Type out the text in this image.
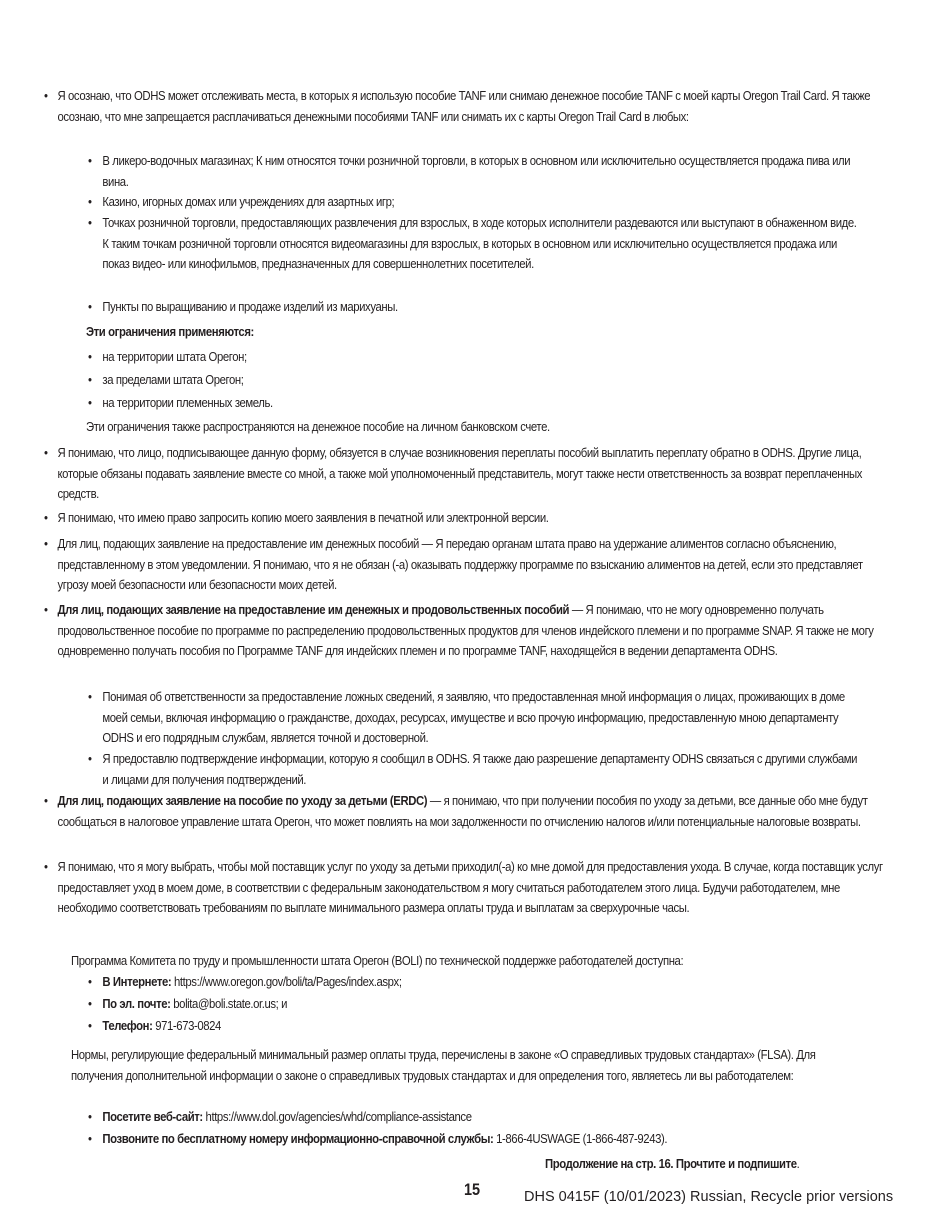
• Я осознаю, что ODHS может отслеживать места, в которых я использую пособие TANF или снимаю денежное пособие TANF с моей карты Oregon Trail Card. Я также осознаю, что мне запрещается расплачиваться денежными пособиями TANF или снимать их с карты Oregon Trail Card в любых:

• В ликеро-водочных магазинах; К ним относятся точки розничной торговли, в которых в основном или исключительно осуществляется продажа пива или вина.

• Казино, игорных домах или учреждениях для азартных игр;

• Точках розничной торговли, предоставляющих развлечения для взрослых, в ходе которых исполнители раздеваются или выступают в обнаженном виде. К таким точкам розничной торговли относятся видеомагазины для взрослых, в которых в основном или исключительно осуществляется продажа или показ видео- или кинофильмов, предназначенных для совершеннолетних посетителей.

• Пункты по выращиванию и продаже изделий из марихуаны.

Эти ограничения применяются:
• на территории штата Орегон;

• за пределами штата Орегон;

• на территории племенных земель.

Эти ограничения также распространяются на денежное пособие на личном банковском счете.
• Я понимаю, что лицо, подписывающее данную форму, обязуется в случае возникновения переплаты пособий выплатить переплату обратно в ODHS. Другие лица, которые обязаны подавать заявление вместе со мной, а также мой уполномоченный представитель, могут также нести ответственность за возврат переплаченных средств.

• Я понимаю, что имею право запросить копию моего заявления в печатной или электронной версии.

• Для лиц, подающих заявление на предоставление им денежных пособий — Я передаю органам штата право на удержание алиментов согласно объяснению, представленному в этом уведомлении. Я понимаю, что я не обязан (-а) оказывать поддержку программе по взысканию алиментов на детей, если это представляет угрозу моей безопасности или безопасности моих детей.

• Для лиц, подающих заявление на предоставление им денежных и продовольственных пособий — Я понимаю, что не могу одновременно получать продовольственное пособие по программе по распределению продовольственных продуктов для членов индейского племени и по программе SNAP. Я также не могу одновременно получать пособия по Программе TANF для индейских племен и по программе TANF, находящейся в ведении департамента ODHS.

• Понимая об ответственности за предоставление ложных сведений, я заявляю, что предоставленная мной информация о лицах, проживающих в доме моей семьи, включая информацию о гражданстве, доходах, ресурсах, имуществе и всю прочую информацию, предоставленную мною департаменту ODHS и его подрядным службам, является точной и достоверной.

• Я предоставлю подтверждение информации, которую я сообщил в ODHS. Я также даю разрешение департаменту ODHS связаться с другими службами и лицами для получения подтверждений.

• Для лиц, подающих заявление на пособие по уходу за детьми (ERDC) — я понимаю, что при получении пособия по уходу за детьми, все данные обо мне будут сообщаться в налоговое управление штата Орегон, что может повлиять на мои задолженности по отчислению налогов и/или потенциальные налоговые возвраты.

• Я понимаю, что я могу выбрать, чтобы мой поставщик услуг по уходу за детьми приходил(-а) ко мне домой для предоставления ухода. В случае, когда поставщик услуг предоставляет уход в моем доме, в соответствии с федеральным законодательством я могу считаться работодателем этого лица. Будучи работодателем, мне необходимо соответствовать требованиям по выплате минимального размера оплаты труда и выплатам за сверхурочные часы.

Программа Комитета по труду и промышленности штата Орегон (BOLI) по технической поддержке работодателей доступна:
• В Интернете: https://www.oregon.gov/boli/ta/Pages/index.aspx;

• По эл. почте: bolita@boli.state.or.us; и

• Телефон: 971-673-0824

Нормы, регулирующие федеральный минимальный размер оплаты труда, перечислены в законе «О справедливых трудовых стандартах» (FLSA). Для получения дополнительной информации о законе о справедливых трудовых стандартах и для определения того, являетесь ли вы работодателем:
• Посетите веб-сайт: https://www.dol.gov/agencies/whd/compliance-assistance

• Позвоните по бесплатному номеру информационно-справочной службы: 1-866-4USWAGE (1-866-487-9243).

Продолжение на стр. 16. Прочтите и подпишите.
15	DHS 0415F (10/01/2023) Russian, Recycle prior versions
